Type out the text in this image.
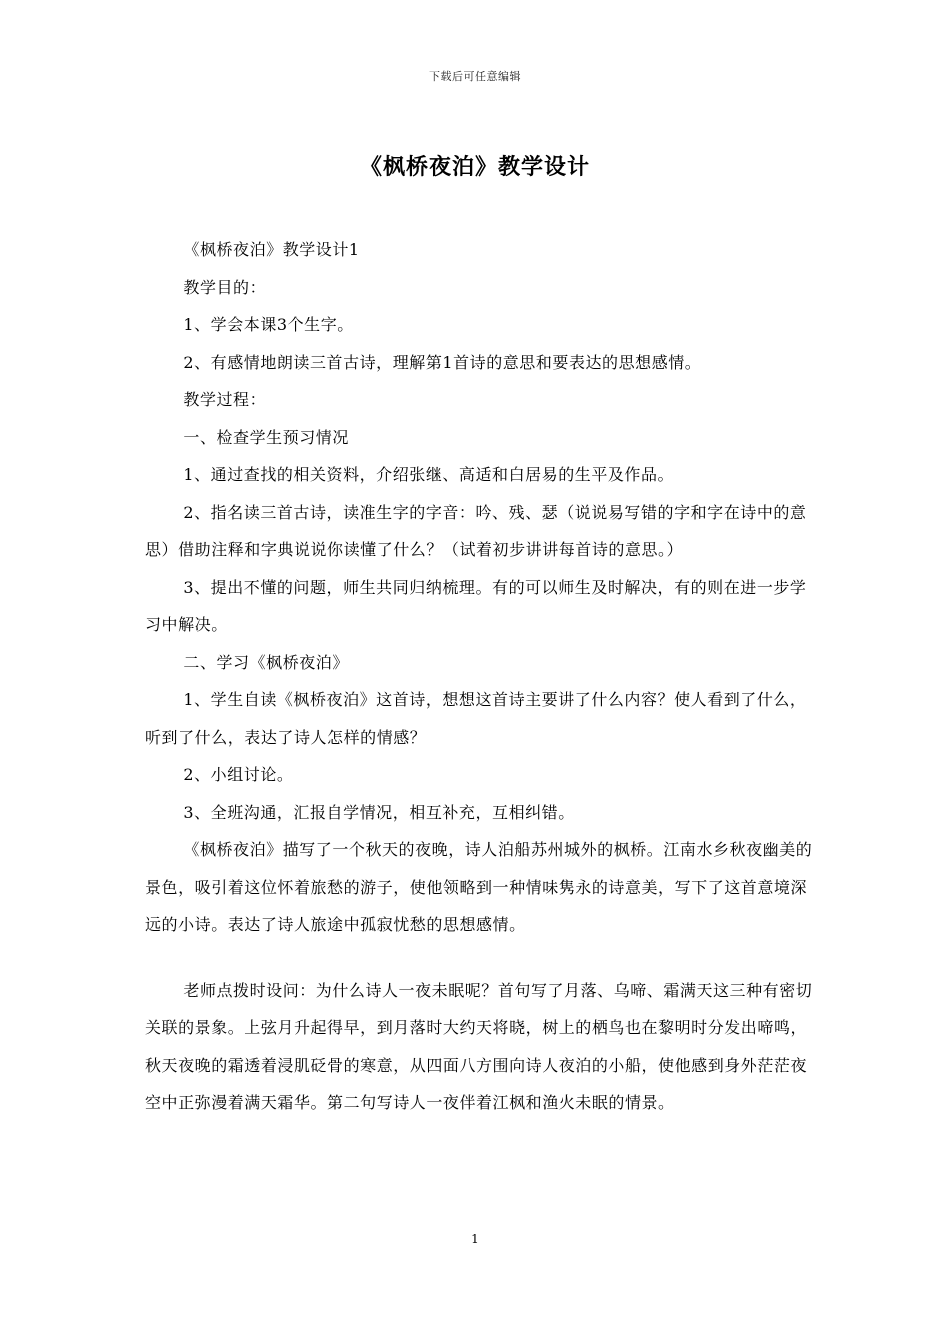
下载后可任意编辑
《枫桥夜泊》教学设计

《枫桥夜泊》教学设计1

教学目的：

1、学会本课3个生字。

2、有感情地朗读三首古诗，理解第1首诗的意思和要表达的思想感情。

教学过程：

一、检查学生预习情况

1、通过查找的相关资料，介绍张继、高适和白居易的生平及作品。

2、指名读三首古诗，读准生字的字音：吟、残、瑟（说说易写错的字和字在诗中的意思）借助注释和字典说说你读懂了什么？（试着初步讲讲每首诗的意思。）

3、提出不懂的问题，师生共同归纳梳理。有的可以师生及时解决，有的则在进一步学习中解决。

二、学习《枫桥夜泊》

1、学生自读《枫桥夜泊》这首诗，想想这首诗主要讲了什么内容？使人看到了什么，听到了什么，表达了诗人怎样的情感？

2、小组讨论。

3、全班沟通，汇报自学情况，相互补充，互相纠错。

《枫桥夜泊》描写了一个秋天的夜晚，诗人泊船苏州城外的枫桥。江南水乡秋夜幽美的景色，吸引着这位怀着旅愁的游子，使他领略到一种情味隽永的诗意美，写下了这首意境深远的小诗。表达了诗人旅途中孤寂忧愁的思想感情。

老师点拨时设问：为什么诗人一夜未眠呢？首句写了月落、乌啼、霜满天这三种有密切关联的景象。上弦月升起得早，到月落时大约天将晓，树上的栖鸟也在黎明时分发出啼鸣，秋天夜晚的霜透着浸肌砭骨的寒意，从四面八方围向诗人夜泊的小船，使他感到身外茫茫夜空中正弥漫着满天霜华。第二句写诗人一夜伴着江枫和渔火未眠的情景。

1
